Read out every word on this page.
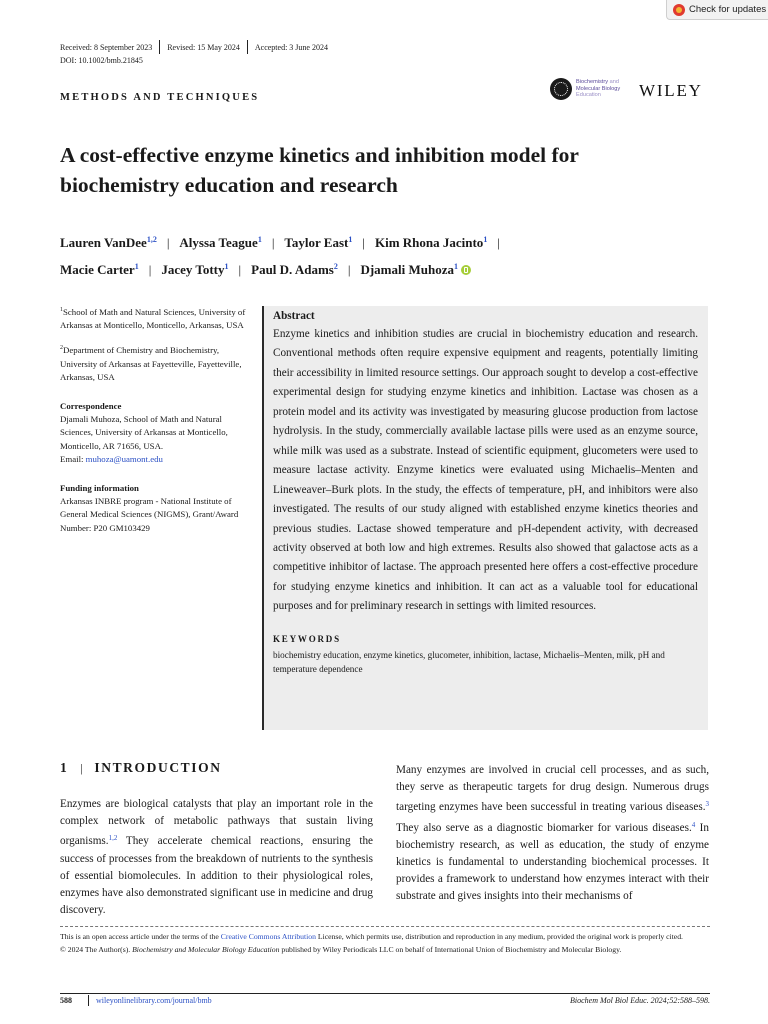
Check for updates
Received: 8 September 2023 Revised: 15 May 2024 Accepted: 3 June 2024
DOI: 10.1002/bmb.21845
METHODS AND TECHNIQUES
Biochemistry and
Molecular Biology
Education	WILEY
A cost-effective enzyme kinetics and inhibition model for biochemistry education and research
Lauren VanDee$^{1,2}$ | Alyssa Teague$^1$ | Taylor East$^1$ | Kim Rhona Jacinto$^1$ |
Macie Carter$^1$ | Jacey Totty$^1$ | Paul D. Adams$^2$ | Djamali Muhoza$^1$

$^1$School of Math and Natural Sciences, University of Arkansas at Monticello, Monticello, Arkansas, USA

$^2$Department of Chemistry and Biochemistry, University of Arkansas at Fayetteville, Fayetteville, Arkansas, USA

Correspondence
Djamali Muhoza, School of Math and Natural Sciences, University of Arkansas at Monticello, Monticello, AR 71656, USA.
Email: muhoza@uamont.edu

Funding information
Arkansas INBRE program - National Institute of General Medical Sciences (NIGMS), Grant/Award Number: P20 GM103429

Abstract

Enzyme kinetics and inhibition studies are crucial in biochemistry education and research. Conventional methods often require expensive equipment and reagents, potentially limiting their accessibility in limited resource settings. Our approach sought to develop a cost-effective experimental design for studying enzyme kinetics and inhibition. Lactase was chosen as a protein model and its activity was investigated by measuring glucose production from lactose hydrolysis. In the study, commercially available lactase pills were used as an enzyme source, while milk was used as a substrate. Instead of scientific equipment, glucometers were used to measure lactase activity. Enzyme kinetics were evaluated using Michaelis–Menten and Lineweaver–Burk plots. In the study, the effects of temperature, pH, and inhibitors were also investigated. The results of our study aligned with established enzyme kinetics theories and previous studies. Lactase showed temperature and pH-dependent activity, with decreased activity observed at both low and high extremes. Results also showed that galactose acts as a competitive inhibitor of lactase. The approach presented here offers a cost-effective procedure for studying enzyme kinetics and inhibition. It can act as a valuable tool for educational purposes and for preliminary research in settings with limited resources.

KEYWORDS

biochemistry education, enzyme kinetics, glucometer, inhibition, lactase, Michaelis–Menten, milk, pH and temperature dependence

1 | INTRODUCTION

Enzymes are biological catalysts that play an important role in the complex network of metabolic pathways that sustain living organisms.$^{1,2}$ They accelerate chemical reactions, ensuring the success of processes from the breakdown of nutrients to the synthesis of essential biomolecules. In addition to their physiological roles, enzymes have also demonstrated significant use in medicine and drug discovery.

Many enzymes are involved in crucial cell processes, and as such, they serve as therapeutic targets for drug design. Numerous drugs targeting enzymes have been successful in treating various diseases.$^3$ They also serve as a diagnostic biomarker for various diseases.$^4$ In biochemistry research, as well as education, the study of enzyme kinetics is fundamental to understanding biochemical processes. It provides a framework to understand how enzymes interact with their substrate and gives insights into their mechanisms of

This is an open access article under the terms of the Creative Commons Attribution License, which permits use, distribution and reproduction in any medium, provided the original work is properly cited.

© 2024 The Author(s). Biochemistry and Molecular Biology Education published by Wiley Periodicals LLC on behalf of International Union of Biochemistry and Molecular Biology.

588	wileyonlinelibrary.com/journal/bmb	Biochem Mol Biol Educ. 2024;52:588–598.
